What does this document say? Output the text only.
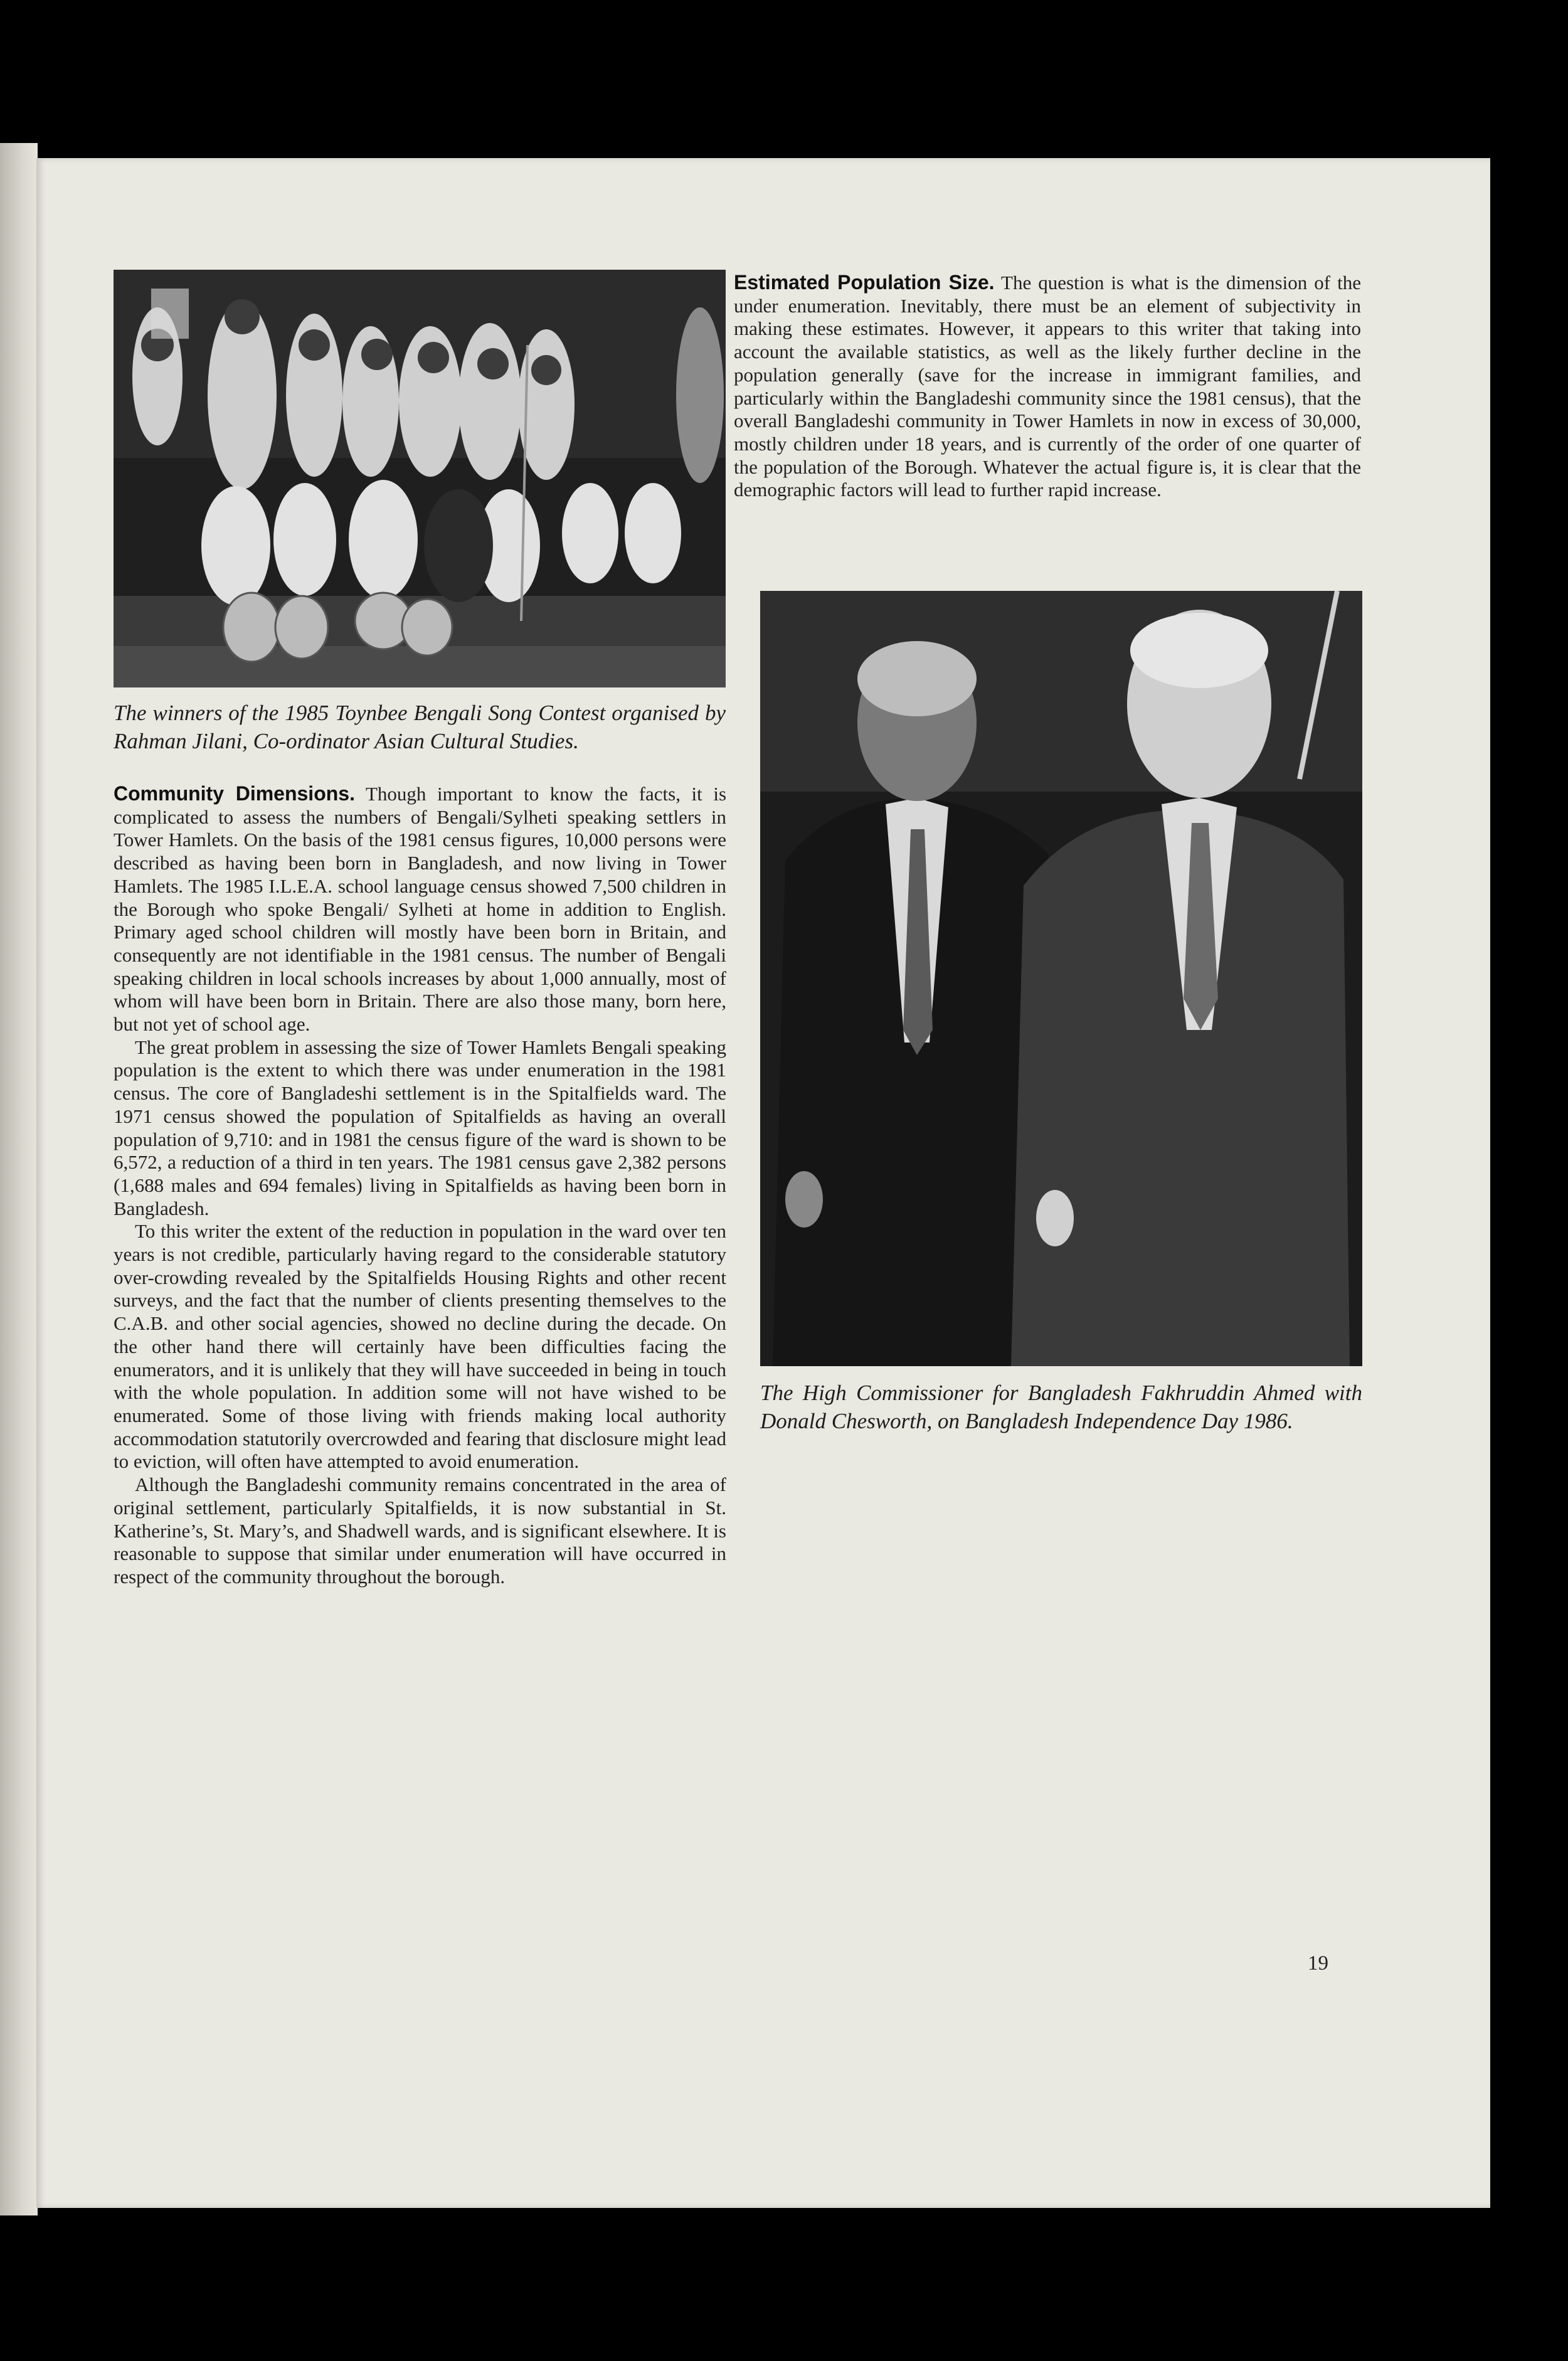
The winners of the 1985 Toynbee Bengali Song Contest organised by Rahman Jilani, Co-ordinator Asian Cultural Studies.

Community Dimensions. Though important to know the facts, it is complicated to assess the numbers of Bengali/Sylheti speaking settlers in Tower Hamlets. On the basis of the 1981 census figures, 10,000 persons were described as having been born in Bangladesh, and now living in Tower Hamlets. The 1985 I.L.E.A. school language census showed 7,500 children in the Borough who spoke Bengali/ Sylheti at home in addition to English. Primary aged school children will mostly have been born in Britain, and consequently are not identifiable in the 1981 census. The number of Bengali speaking children in local schools increases by about 1,000 annually, most of whom will have been born in Britain. There are also those many, born here, but not yet of school age.

The great problem in assessing the size of Tower Hamlets Bengali speaking population is the extent to which there was under enumeration in the 1981 census. The core of Bangladeshi settlement is in the Spitalfields ward. The 1971 census showed the population of Spitalfields as having an overall population of 9,710: and in 1981 the census figure of the ward is shown to be 6,572, a reduction of a third in ten years. The 1981 census gave 2,382 persons (1,688 males and 694 females) living in Spitalfields as having been born in Bangladesh.

To this writer the extent of the reduction in population in the ward over ten years is not credible, particularly having regard to the considerable statutory over-crowding revealed by the Spitalfields Housing Rights and other recent surveys, and the fact that the number of clients presenting themselves to the C.A.B. and other social agencies, showed no decline during the decade. On the other hand there will certainly have been difficulties facing the enumerators, and it is unlikely that they will have succeeded in being in touch with the whole population. In addition some will not have wished to be enumerated. Some of those living with friends making local authority accommodation statutorily overcrowded and fearing that disclosure might lead to eviction, will often have attempted to avoid enumeration.

Although the Bangladeshi community remains concentrated in the area of original settlement, particularly Spitalfields, it is now substantial in St. Katherine’s, St. Mary’s, and Shadwell wards, and is significant elsewhere. It is reasonable to suppose that similar under enumeration will have occurred in respect of the community throughout the borough.

Estimated Population Size. The question is what is the dimension of the under enumeration. Inevitably, there must be an element of subjectivity in making these estimates. However, it appears to this writer that taking into account the available statistics, as well as the likely further decline in the population generally (save for the increase in immigrant families, and particularly within the Bangladeshi community since the 1981 census), that the overall Bangladeshi community in Tower Hamlets in now in excess of 30,000, mostly children under 18 years, and is currently of the order of one quarter of the population of the Borough. Whatever the actual figure is, it is clear that the demographic factors will lead to further rapid increase.

The High Commissioner for Bangladesh Fakhruddin Ahmed with Donald Chesworth, on Bangladesh Independence Day 1986.
19
